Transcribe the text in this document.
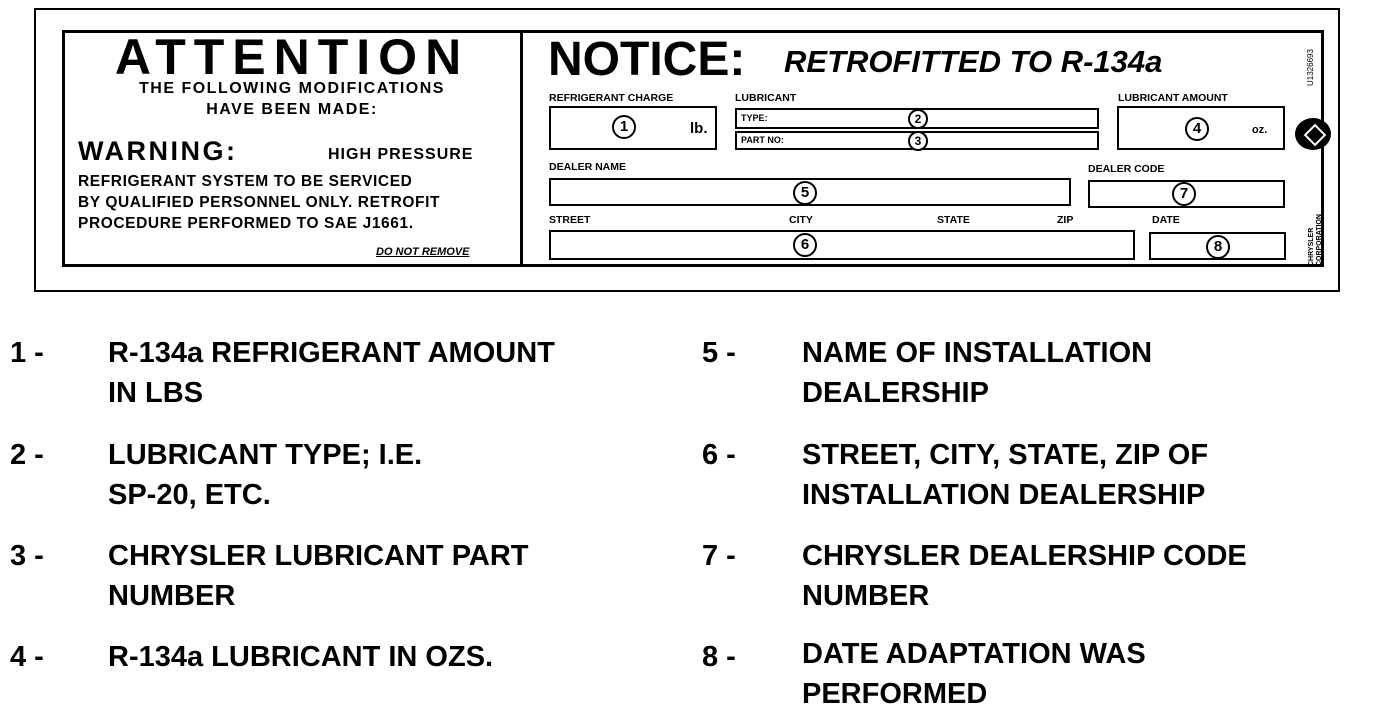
ATTENTION
THE FOLLOWING MODIFICATIONS
HAVE BEEN MADE:
WARNING:	HIGH PRESSURE
REFRIGERANT SYSTEM TO BE SERVICED
BY QUALIFIED PERSONNEL ONLY. RETROFIT
PROCEDURE PERFORMED TO SAE J1661.
DO NOT REMOVE
NOTICE: RETROFITTED TO R-134a
REFRIGERANT CHARGE
1	lb.
LUBRICANT
TYPE:	2
PART NO:	3
LUBRICANT AMOUNT
4	oz.
DEALER NAME
5
DEALER CODE
7
STREET	CITY	STATE	ZIP
6
DATE
8
U1326693
CHRYSLER CORPORATION
1 - R-134a REFRIGERANT AMOUNT
IN LBS
2 - LUBRICANT TYPE; I.E.
SP-20, ETC.
3 - CHRYSLER LUBRICANT PART
NUMBER
4 - R-134a LUBRICANT IN OZS.
5 - NAME OF INSTALLATION
DEALERSHIP
6 - STREET, CITY, STATE, ZIP OF
INSTALLATION DEALERSHIP
7 - CHRYSLER DEALERSHIP CODE
NUMBER
8 - DATE ADAPTATION WAS
PERFORMED
